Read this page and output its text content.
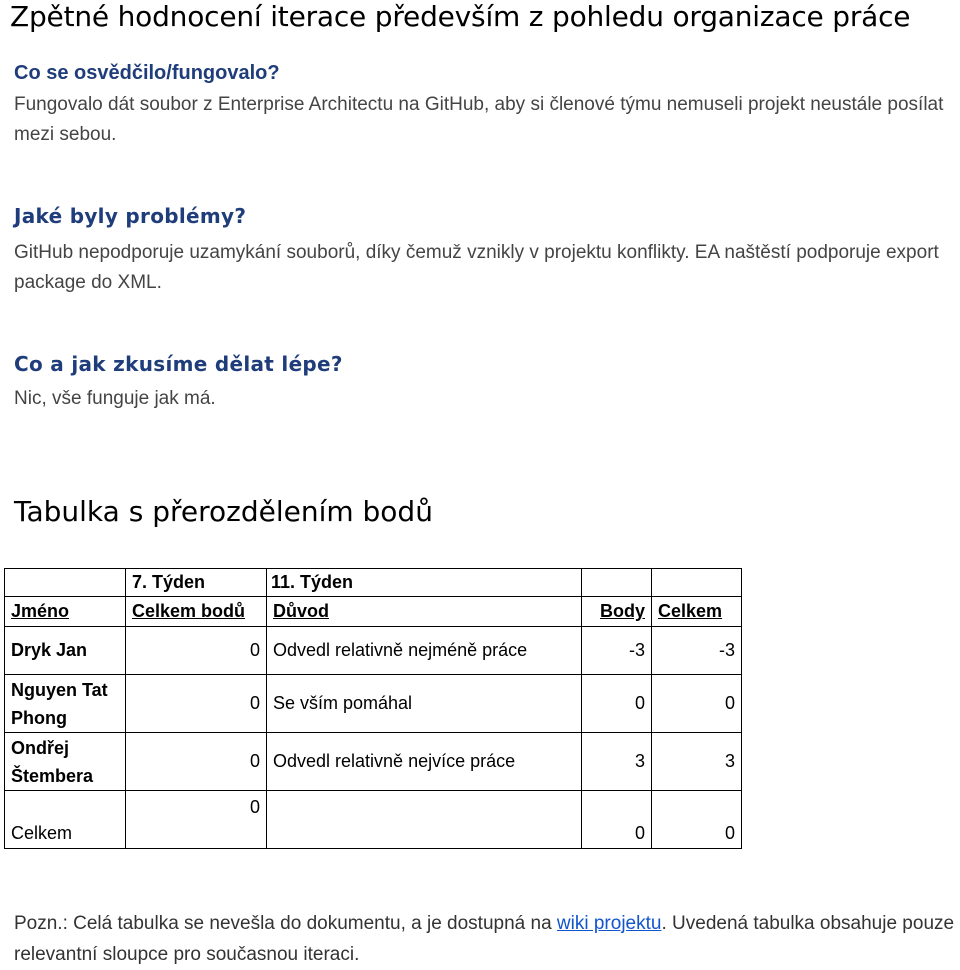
Zpětné hodnocení iterace především z pohledu organizace práce
Co se osvědčilo/fungovalo?
Fungovalo dát soubor z Enterprise Architectu na GitHub, aby si členové týmu nemuseli projekt neustále posílat mezi sebou.
Jaké byly problémy?
GitHub nepodporuje uzamykání souborů, díky čemuž vznikly v projektu konflikty. EA naštěstí podporuje export package do XML.
Co a jak zkusíme dělat lépe?
Nic, vše funguje jak má.
Tabulka s přerozdělením bodů
	7. Týden	11. Týden		
Jméno	Celkem bodů	Důvod	Body	Celkem
Dryk Jan	0	Odvedl relativně nejméně práce	-3	-3
Nguyen Tat Phong	0	Se vším pomáhal	0	0
Ondřej Štembera	0	Odvedl relativně nejvíce práce	3	3
Celkem	0		0	0
Pozn.: Celá tabulka se nevešla do dokumentu, a je dostupná na wiki projektu. Uvedená tabulka obsahuje pouze relevantní sloupce pro současnou iteraci.
